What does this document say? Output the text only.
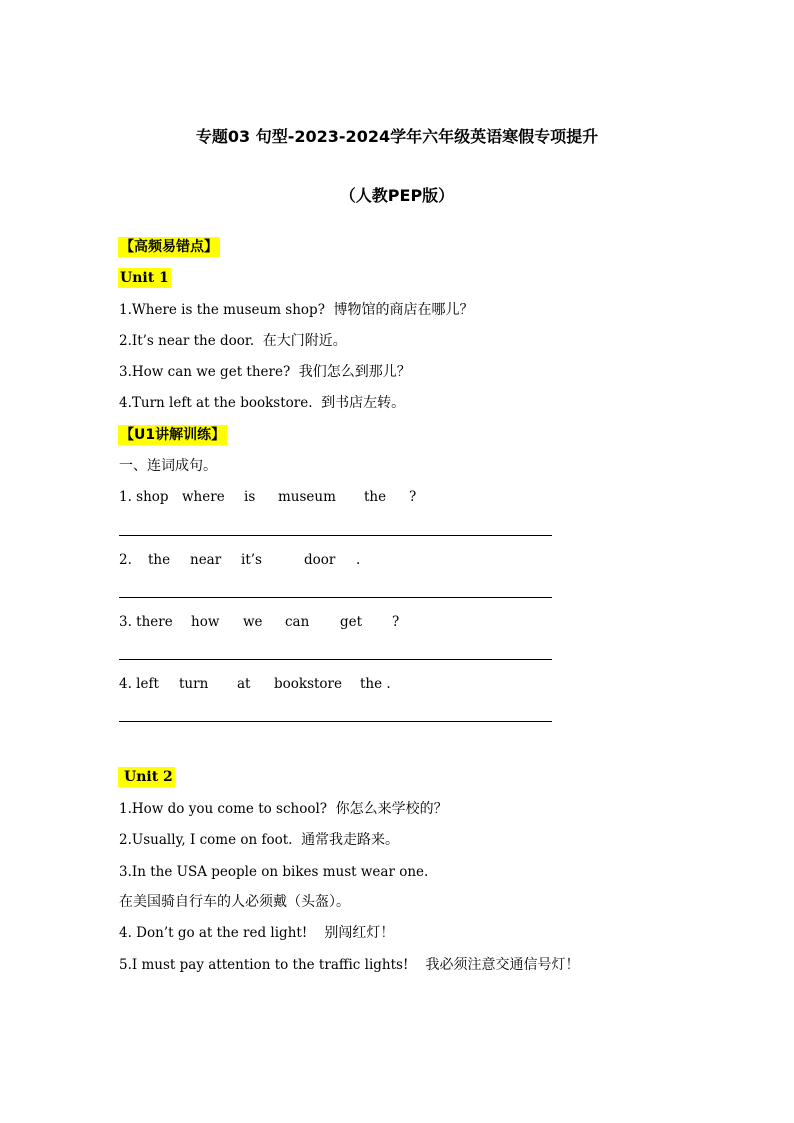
专题03 句型-2023-2024学年六年级英语寒假专项提升
（人教PEP版）
【高频易错点】
Unit 1
1.Where is the museum shop? 博物馆的商店在哪儿？
2.It’s near the door. 在大门附近。
3.How can we get there? 我们怎么到那儿？
4.Turn left at the bookstore. 到书店左转。
【U1讲解训练】
一、连词成句。
1. shop where is museum the ?
2. the near it’s	door .
3. there how we can get ?
4. left turn at bookstore the .
Unit 2
1.How do you come to school? 你怎么来学校的？
2.Usually, I come on foot. 通常我走路来。
3.In the USA people on bikes must wear one.
在美国骑自行车的人必须戴（头盔）。
4. Don’t go at the red light! 别闯红灯！
5.I must pay attention to the traffic lights! 我必须注意交通信号灯！
